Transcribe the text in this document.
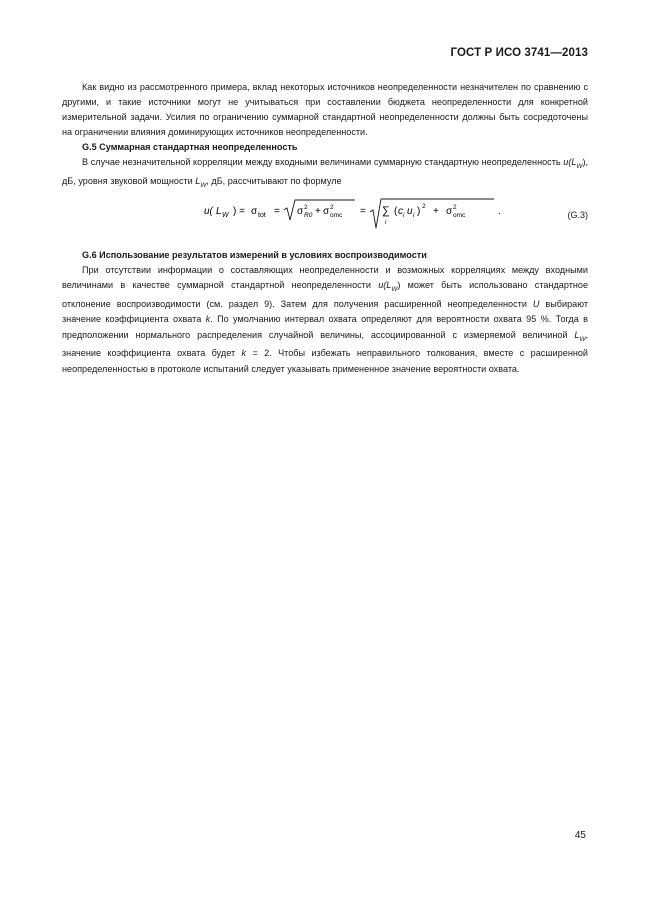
ГОСТ Р ИСО 3741—2013

Как видно из рассмотренного примера, вклад некоторых источников неопределенности незначителен по сравнению с другими, и такие источники могут не учитываться при составлении бюджета неопределенности для конкретной измерительной задачи. Усилия по ограничению суммарной стандартной неопределенности должны быть сосредоточены на ограничении влияния доминирующих источников неопределенности.

G.5 Суммарная стандартная неопределенность

В случае незначительной корреляции между входными величинами суммарную стандартную неопределенность $u(L_W)$, дБ, уровня звуковой мощности $L_W$, дБ, рассчитывают по формуле

u( L W ) = σ tot = σ 2
R0 + σ 2
omc = ∑
i
( c i u i ) 2 + σ 2
omc	.	(G.3)

G.6 Использование результатов измерений в условиях воспроизводимости

При отсутствии информации о составляющих неопределенности и возможных корреляциях между входными величинами в качестве суммарной стандартной неопределенности $u(L_W)$ может быть использовано стандартное отклонение воспроизводимости (см. раздел 9). Затем для получения расширенной неопределенности U выбирают значение коэффициента охвата k. По умолчанию интервал охвата определяют для вероятности охвата 95 %. Тогда в предположении нормального распределения случайной величины, ассоциированной с измеряемой величиной $L_W$, значение коэффициента охвата будет k = 2. Чтобы избежать неправильного толкования, вместе с расширенной неопределенностью в протоколе испытаний следует указывать примененное значение вероятности охвата.

45
